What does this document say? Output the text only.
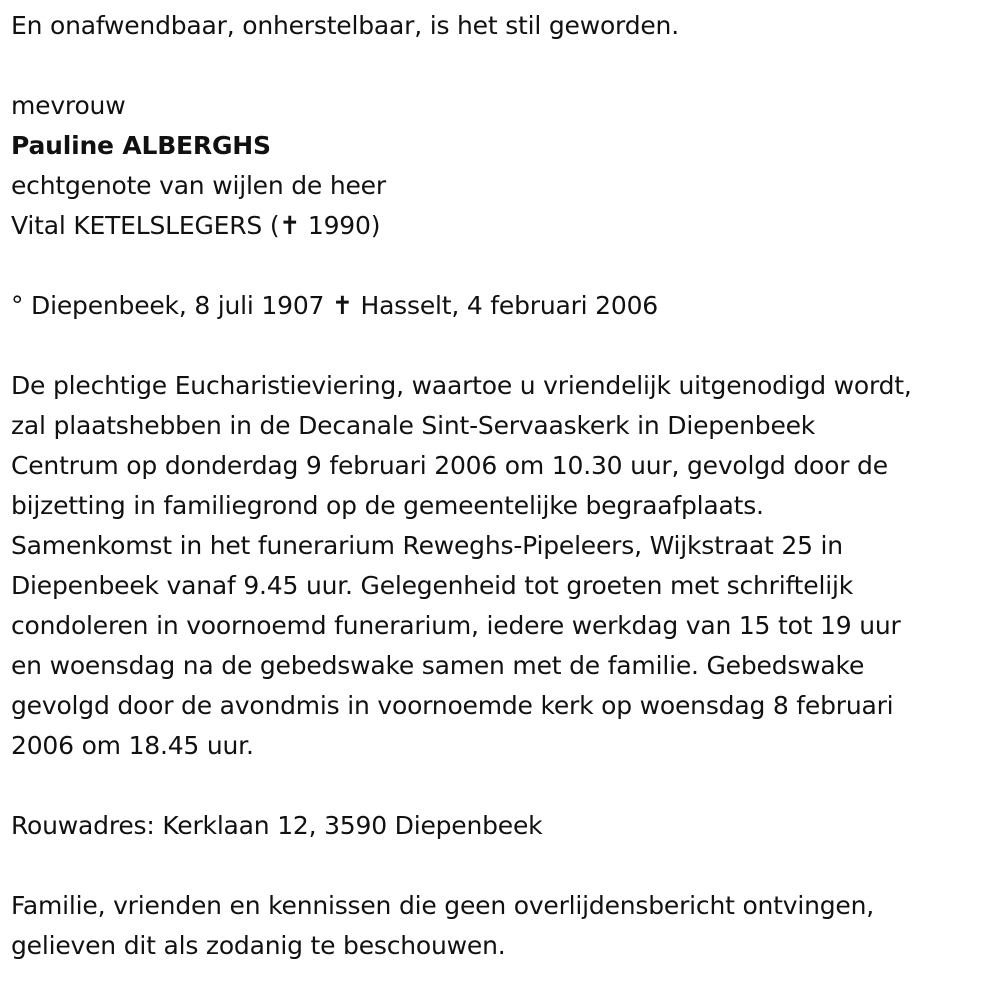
En onafwendbaar, onherstelbaar, is het stil geworden.
mevrouw
Pauline ALBERGHS
echtgenote van wijlen de heer
Vital KETELSLEGERS (✝ 1990)
° Diepenbeek, 8 juli 1907 ✝ Hasselt, 4 februari 2006
De plechtige Eucharistieviering, waartoe u vriendelijk uitgenodigd wordt,
zal plaatshebben in de Decanale Sint-Servaaskerk in Diepenbeek
Centrum op donderdag 9 februari 2006 om 10.30 uur, gevolgd door de
bijzetting in familiegrond op de gemeentelijke begraafplaats.
Samenkomst in het funerarium Reweghs-Pipeleers, Wijkstraat 25 in
Diepenbeek vanaf 9.45 uur. Gelegenheid tot groeten met schriftelijk
condoleren in voornoemd funerarium, iedere werkdag van 15 tot 19 uur
en woensdag na de gebedswake samen met de familie. Gebedswake
gevolgd door de avondmis in voornoemde kerk op woensdag 8 februari
2006 om 18.45 uur.
Rouwadres: Kerklaan 12, 3590 Diepenbeek
Familie, vrienden en kennissen die geen overlijdensbericht ontvingen,
gelieven dit als zodanig te beschouwen.
